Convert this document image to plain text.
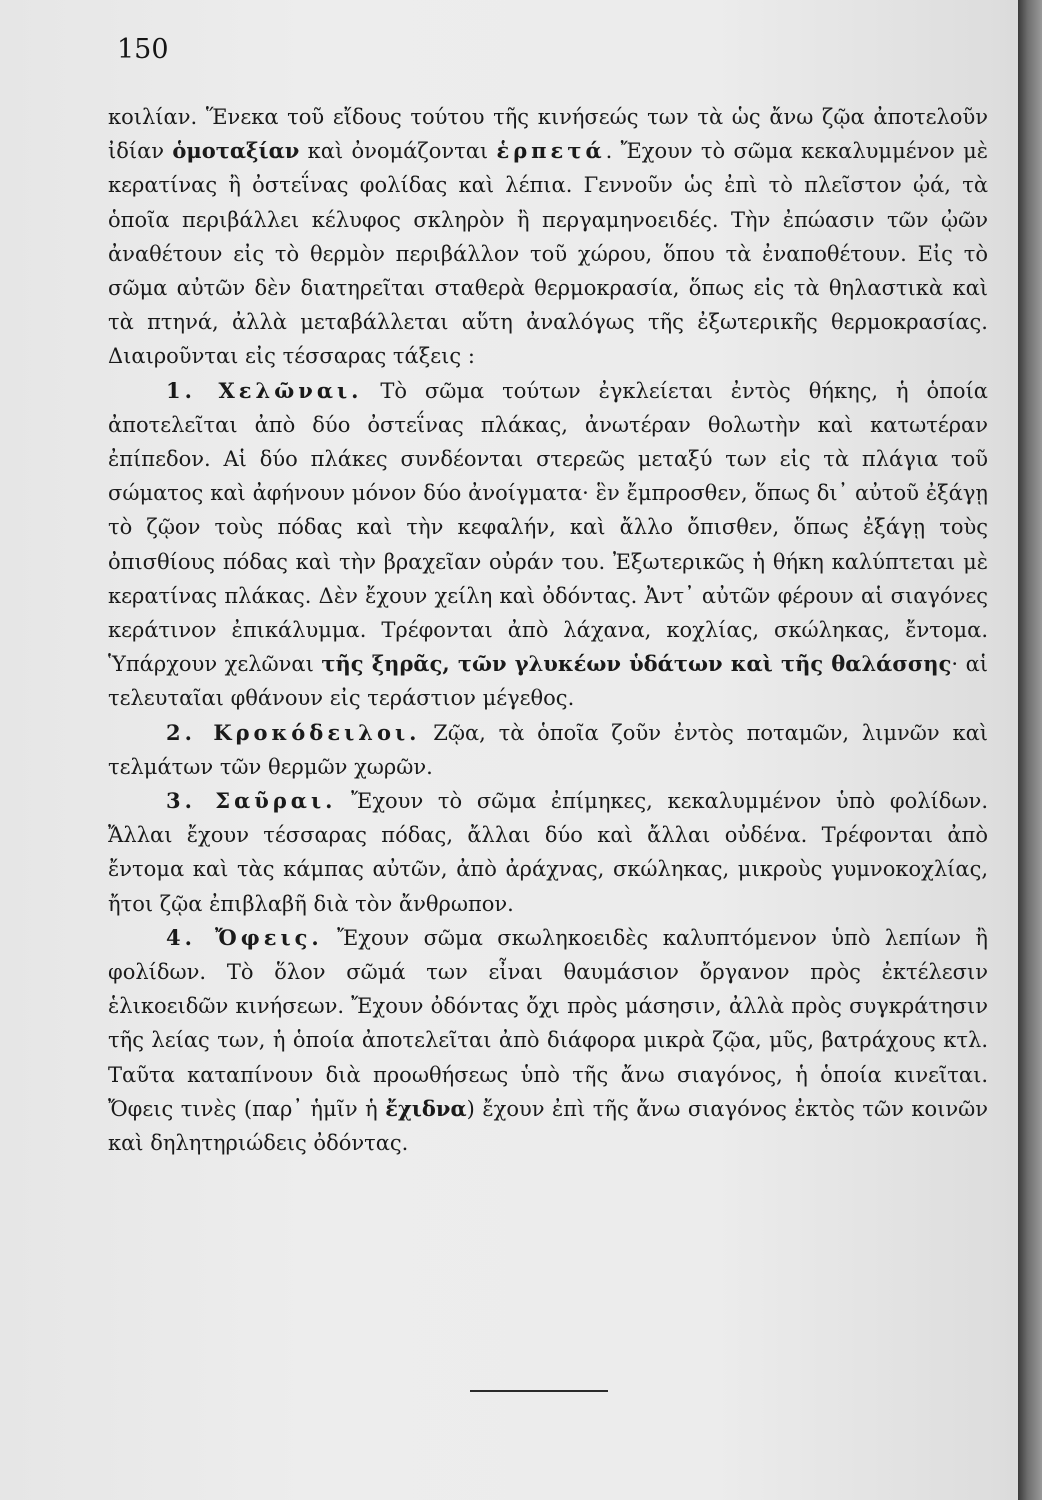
150

κοιλίαν. Ἕνεκα τοῦ εἴδους τούτου τῆς κινήσεώς των τὰ ὡς ἄνω ζῷα ἀποτελοῦν ἰδίαν ὁμοταξίαν καὶ ὀνομάζονται ἑρπετά. Ἔχουν τὸ σῶμα κεκαλυμμένον μὲ κερατίνας ἢ ὀστεΐνας φολίδας καὶ λέπια. Γεννοῦν ὡς ἐπὶ τὸ πλεῖστον ᾠά, τὰ ὁποῖα περιβάλλει κέλυφος σκληρὸν ἢ περγαμηνοειδές. Τὴν ἐπώασιν τῶν ᾠῶν ἀναθέτουν εἰς τὸ θερμὸν περιβάλλον τοῦ χώρου, ὅπου τὰ ἐναποθέτουν. Εἰς τὸ σῶμα αὐτῶν δὲν διατηρεῖται σταθερὰ θερμοκρασία, ὅπως εἰς τὰ θηλαστικὰ καὶ τὰ πτηνά, ἀλλὰ μεταβάλλεται αὕτη ἀναλόγως τῆς ἐξωτερικῆς θερμοκρασίας. Διαιροῦνται εἰς τέσσαρας τάξεις :

1. Χελῶναι. Τὸ σῶμα τούτων ἐγκλείεται ἐντὸς θήκης, ἡ ὁποία ἀποτελεῖται ἀπὸ δύο ὀστεΐνας πλάκας, ἀνωτέραν θολωτὴν καὶ κατωτέραν ἐπίπεδον. Αἱ δύο πλάκες συνδέονται στερεῶς μεταξύ των εἰς τὰ πλάγια τοῦ σώματος καὶ ἀφήνουν μόνον δύο ἀνοίγματα· ἓν ἔμπροσθεν, ὅπως δι᾽ αὐτοῦ ἐξάγῃ τὸ ζῷον τοὺς πόδας καὶ τὴν κεφαλήν, καὶ ἄλλο ὄπισθεν, ὅπως ἐξάγῃ τοὺς ὀπισθίους πόδας καὶ τὴν βραχεῖαν οὐράν του. Ἐξωτερικῶς ἡ θήκη καλύπτεται μὲ κερατίνας πλάκας. Δὲν ἔχουν χείλη καὶ ὀδόντας. Ἀντ᾽ αὐτῶν φέρουν αἱ σιαγόνες κεράτινον ἐπικάλυμμα. Τρέφονται ἀπὸ λάχανα, κοχλίας, σκώληκας, ἔντομα. Ὑπάρχουν χελῶναι τῆς ξηρᾶς, τῶν γλυκέων ὑδάτων καὶ τῆς θαλάσσης· αἱ τελευταῖαι φθάνουν εἰς τεράστιον μέγεθος.

2. Κροκόδειλοι. Ζῷα, τὰ ὁποῖα ζοῦν ἐντὸς ποταμῶν, λιμνῶν καὶ τελμάτων τῶν θερμῶν χωρῶν.

3. Σαῦραι. Ἔχουν τὸ σῶμα ἐπίμηκες, κεκαλυμμένον ὑπὸ φολίδων. Ἄλλαι ἔχουν τέσσαρας πόδας, ἄλλαι δύο καὶ ἄλλαι οὐδένα. Τρέφονται ἀπὸ ἔντομα καὶ τὰς κάμπας αὐτῶν, ἀπὸ ἀράχνας, σκώληκας, μικροὺς γυμνοκοχλίας, ἤτοι ζῷα ἐπιβλαβῆ διὰ τὸν ἄνθρωπον.

4. Ὄφεις. Ἔχουν σῶμα σκωληκοειδὲς καλυπτόμενον ὑπὸ λεπίων ἢ φολίδων. Τὸ ὅλον σῶμά των εἶναι θαυμάσιον ὄργανον πρὸς ἐκτέλεσιν ἑλικοειδῶν κινήσεων. Ἔχουν ὀδόντας ὄχι πρὸς μάσησιν, ἀλλὰ πρὸς συγκράτησιν τῆς λείας των, ἡ ὁποία ἀποτελεῖται ἀπὸ διάφορα μικρὰ ζῷα, μῦς, βατράχους κτλ. Ταῦτα καταπίνουν διὰ προωθήσεως ὑπὸ τῆς ἄνω σιαγόνος, ἡ ὁποία κινεῖται. Ὄφεις τινὲς (παρ᾽ ἡμῖν ἡ ἔχιδνα) ἔχουν ἐπὶ τῆς ἄνω σιαγόνος ἐκτὸς τῶν κοινῶν καὶ δηλητηριώδεις ὀδόντας.
